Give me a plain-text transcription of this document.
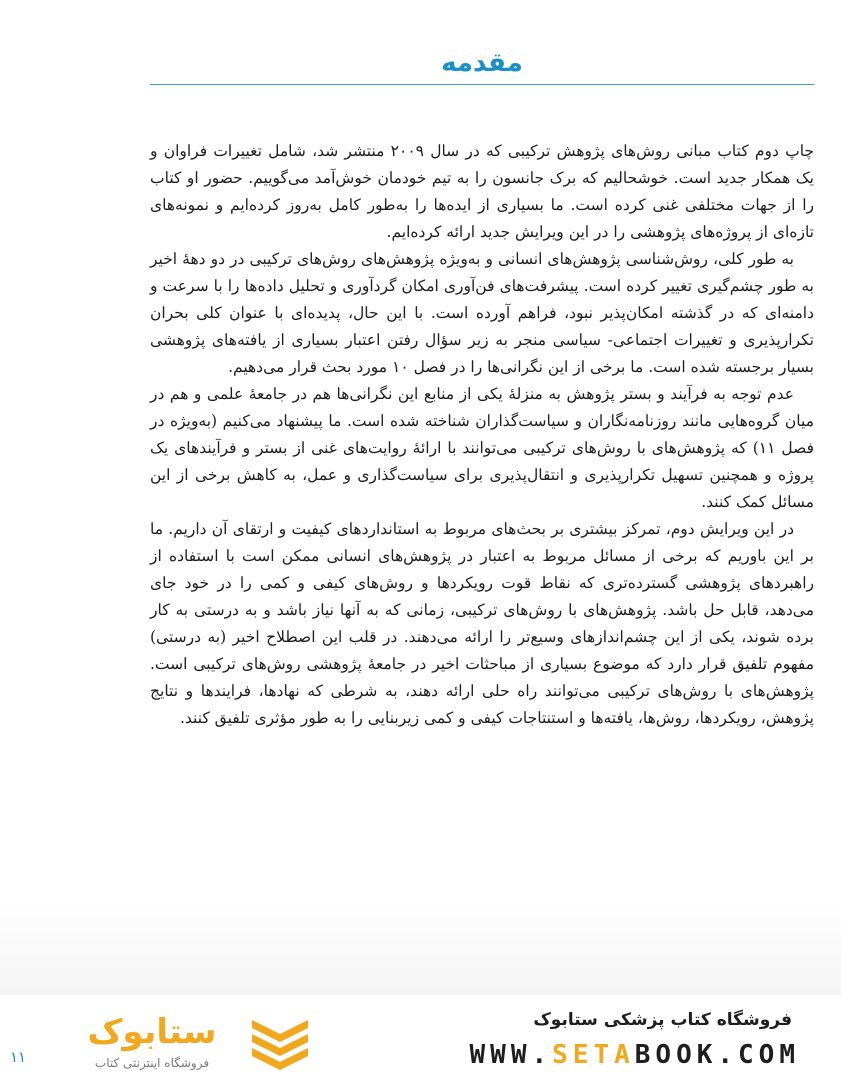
مقدمه

چاپ دوم کتاب مبانی روش‌های پژوهش ترکیبی که در سال ۲۰۰۹ منتشر شد، شامل تغییرات فراوان و یک همکار جدید است. خوشحالیم که برک جانسون را به تیم خودمان خوش‌آمد می‌گوییم. حضور او کتاب را از جهات مختلفی غنی کرده است. ما بسیاری از ایده‌ها را به‌طور کامل به‌روز کرده‌ایم و نمونه‌های تازه‌ای از پروژه‌های پژوهشی را در این ویرایش جدید ارائه کرده‌ایم.

به طور کلی، روش‌شناسی پژوهش‌های انسانی و به‌ویژه پژوهش‌های روش‌های ترکیبی در دو دههٔ اخیر به طور چشم‌گیری تغییر کرده است. پیشرفت‌های فن‌آوری امکان گردآوری و تحلیل داده‌ها را با سرعت و دامنه‌ای که در گذشته امکان‌پذیر نبود، فراهم آورده است. با این حال، پدیده‌ای با عنوان کلی بحران تکرارپذیری و تغییرات اجتماعی- سیاسی منجر به زیر سؤال رفتن اعتبار بسیاری از یافته‌های پژوهشی بسیار برجسته شده است. ما برخی از این نگرانی‌ها را در فصل ۱۰ مورد بحث قرار می‌دهیم.

عدم توجه به فرآیند و بستر پژوهش به منزلهٔ یکی از منابع این نگرانی‌ها هم در جامعهٔ علمی و هم در میان گروه‌هایی مانند روزنامه‌نگاران و سیاست‌گذاران شناخته شده است. ما پیشنهاد می‌کنیم (به‌ویژه در فصل ۱۱) که پژوهش‌های با روش‌های ترکیبی می‌توانند با ارائهٔ روایت‌های غنی از بستر و فرآیندهای یک پروژه و همچنین تسهیل تکرارپذیری و انتقال‌پذیری برای سیاست‌گذاری و عمل، به کاهش برخی از این مسائل کمک کنند.

در این ویرایش دوم، تمرکز بیشتری بر بحث‌های مربوط به استانداردهای کیفیت و ارتقای آن داریم. ما بر این باوریم که برخی از مسائل مربوط به اعتبار در پژوهش‌های انسانی ممکن است با استفاده از راهبردهای پژوهشی گسترده‌تری که نقاط قوت رویکردها و روش‌های کیفی و کمی را در خود جای می‌دهد، قابل حل باشد. پژوهش‌های با روش‌های ترکیبی، زمانی که به آنها نیاز باشد و به درستی به کار برده شوند، یکی از این چشم‌اندازهای وسیع‌تر را ارائه می‌دهند. در قلب این اصطلاح اخیر (به درستی) مفهوم تلفیق قرار دارد که موضوع بسیاری از مباحثات اخیر در جامعهٔ پژوهشی روش‌های ترکیبی است. پژوهش‌های با روش‌های ترکیبی می‌توانند راه حلی ارائه دهند، به شرطی که نهادها، فرایندها و نتایج پژوهش، رویکردها، روش‌ها، یافته‌ها و استنتاجات کیفی و کمی زیربنایی را به طور مؤثری تلفیق کنند.

۱۱
ستابوک
فروشگاه اینترنتی کتاب
فروشگاه کتاب پزشکی ستابوک
WWW.SETABOOK.COM
